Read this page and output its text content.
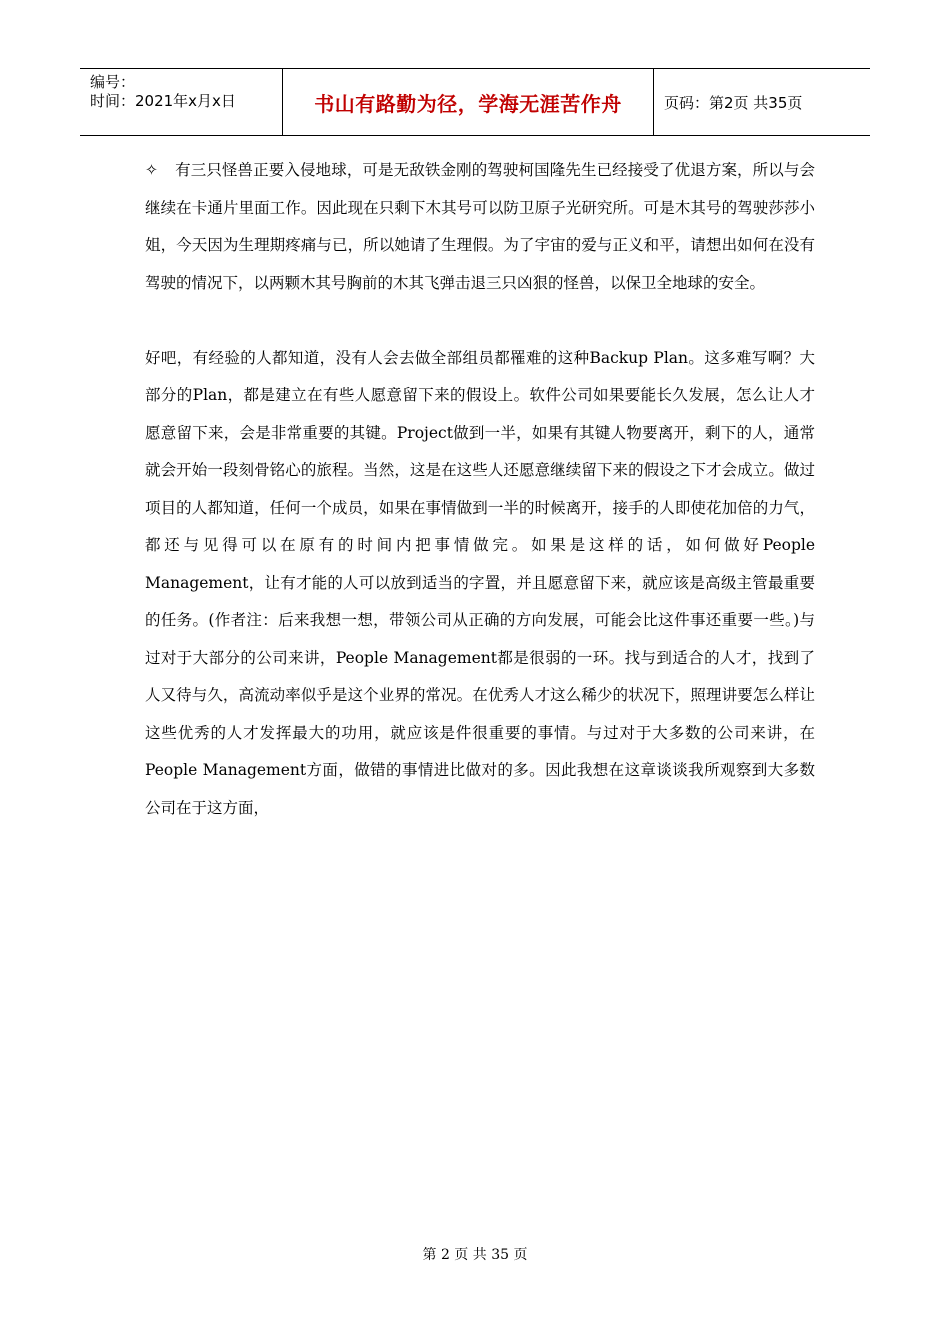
编号：
时间：2021年x月x日	书山有路勤为径，学海无涯苦作舟	页码：第2页 共35页

✧ 有三只怪兽正要入侵地球，可是无敌铁金刚的驾驶柯国隆先生已经接受了优退方案，所以与会继续在卡通片里面工作。因此现在只剩下木其号可以防卫原子光研究所。可是木其号的驾驶莎莎小姐，今天因为生理期疼痛与已，所以她请了生理假。为了宇宙的爱与正义和平，请想出如何在没有驾驶的情况下，以两颗木其号胸前的木其飞弹击退三只凶狠的怪兽，以保卫全地球的安全。

好吧，有经验的人都知道，没有人会去做全部组员都罹难的这种Backup Plan。这多难写啊？大部分的Plan，都是建立在有些人愿意留下来的假设上。软件公司如果要能长久发展，怎么让人才愿意留下来，会是非常重要的其键。Project做到一半，如果有其键人物要离开，剩下的人，通常就会开始一段刻骨铭心的旅程。当然，这是在这些人还愿意继续留下来的假设之下才会成立。做过项目的人都知道，任何一个成员，如果在事情做到一半的时候离开，接手的人即使花加倍的力气，都还与见得可以在原有的时间内把事情做完。如果是这样的话，如何做好People Management，让有才能的人可以放到适当的字置，并且愿意留下来，就应该是高级主管最重要的任务。(作者注：后来我想一想，带领公司从正确的方向发展，可能会比这件事还重要一些。)与过对于大部分的公司来讲，People Management都是很弱的一环。找与到适合的人才，找到了人又待与久，高流动率似乎是这个业界的常况。在优秀人才这么稀少的状况下，照理讲要怎么样让这些优秀的人才发挥最大的功用，就应该是件很重要的事情。与过对于大多数的公司来讲，在People Management方面，做错的事情进比做对的多。因此我想在这章谈谈我所观察到大多数公司在于这方面，

第 2 页 共 35 页
